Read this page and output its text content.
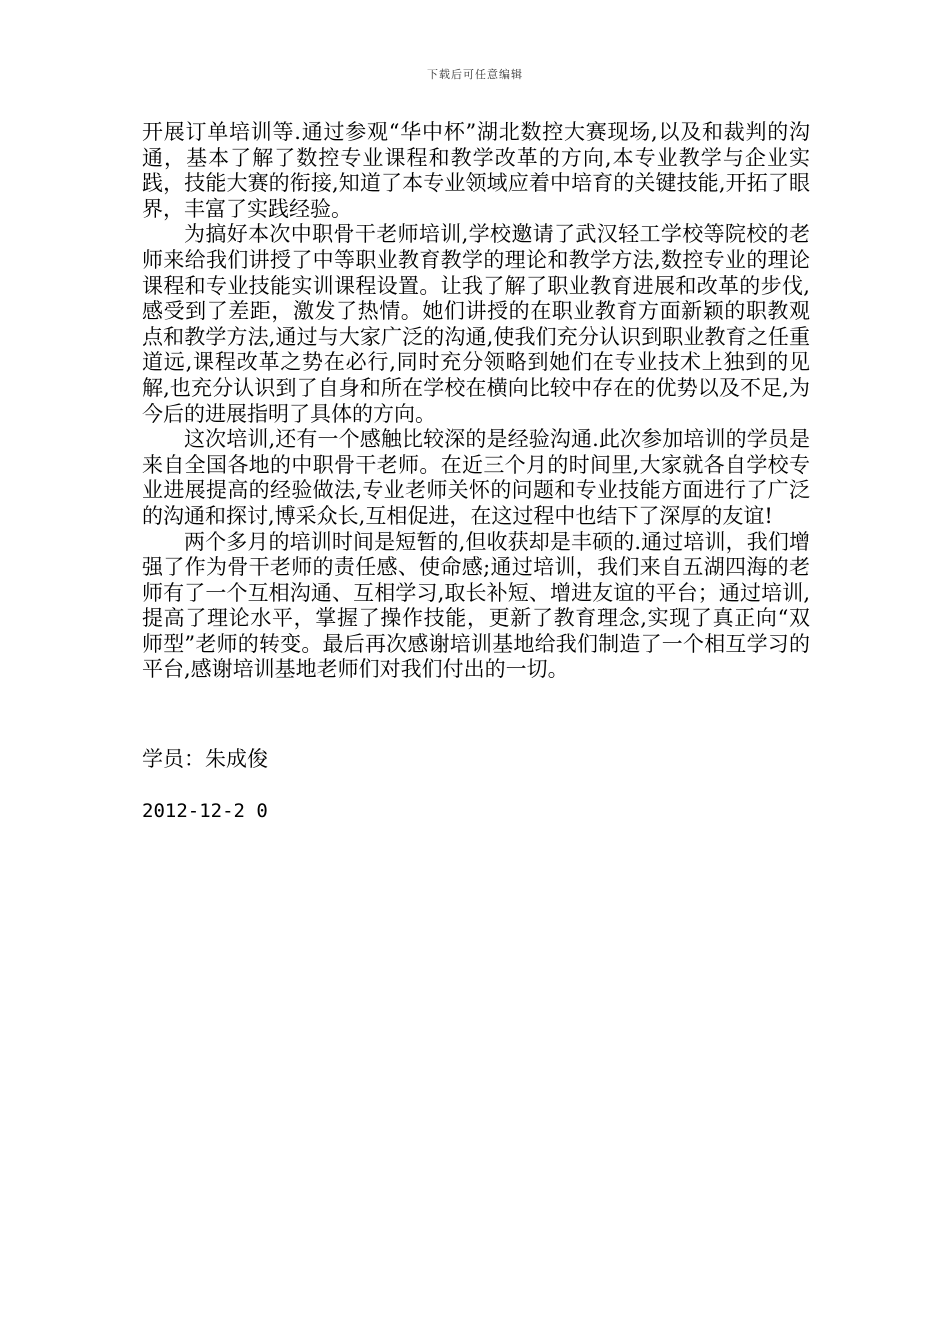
下载后可任意编辑

开展订单培训等.通过参观“华中杯”湖北数控大赛现场,以及和裁判的沟通，基本了解了数控专业课程和教学改革的方向,本专业教学与企业实践，技能大赛的衔接,知道了本专业领域应着中培育的关键技能,开拓了眼界，丰富了实践经验。

为搞好本次中职骨干老师培训,学校邀请了武汉轻工学校等院校的老师来给我们讲授了中等职业教育教学的理论和教学方法,数控专业的理论课程和专业技能实训课程设置。让我了解了职业教育进展和改革的步伐,感受到了差距，激发了热情。她们讲授的在职业教育方面新颖的职教观点和教学方法,通过与大家广泛的沟通,使我们充分认识到职业教育之任重道远,课程改革之势在必行,同时充分领略到她们在专业技术上独到的见解,也充分认识到了自身和所在学校在横向比较中存在的优势以及不足,为今后的进展指明了具体的方向。

这次培训,还有一个感触比较深的是经验沟通.此次参加培训的学员是来自全国各地的中职骨干老师。在近三个月的时间里,大家就各自学校专业进展提高的经验做法,专业老师关怀的问题和专业技能方面进行了广泛的沟通和探讨,博采众长,互相促进，在这过程中也结下了深厚的友谊!

两个多月的培训时间是短暂的,但收获却是丰硕的.通过培训，我们增强了作为骨干老师的责任感、使命感;通过培训，我们来自五湖四海的老师有了一个互相沟通、互相学习,取长补短、增进友谊的平台；通过培训,提高了理论水平，掌握了操作技能，更新了教育理念,实现了真正向“双师型”老师的转变。最后再次感谢培训基地给我们制造了一个相互学习的平台,感谢培训基地老师们对我们付出的一切。

学员：朱成俊

2012-12-2 0
